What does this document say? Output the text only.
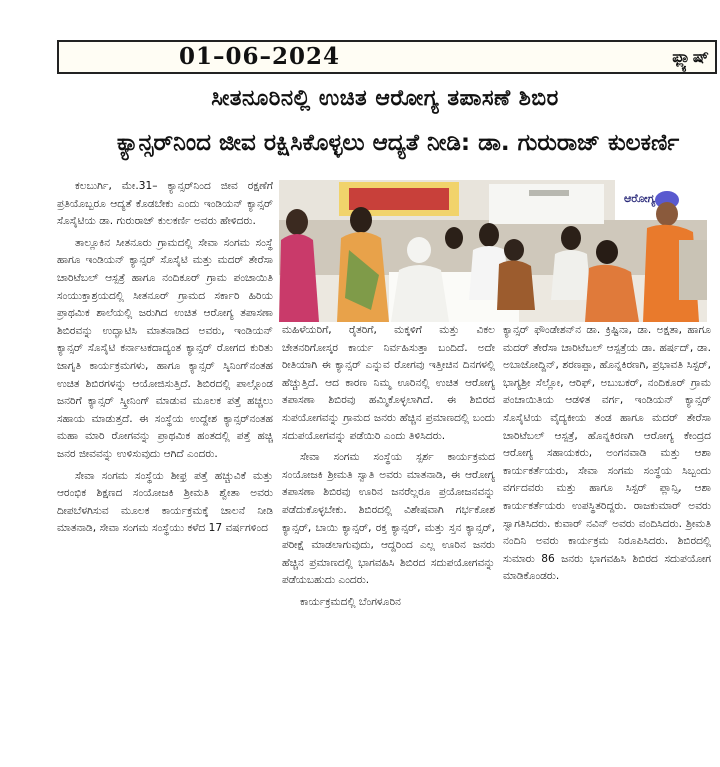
01–06–2024	ಫ್ಲ್ಯಾಷ್‌
ಸೀತನೂರಿನಲ್ಲಿ ಉಚಿತ ಆರೋಗ್ಯ ತಪಾಸಣೆ ಶಿಬಿರ
ಕ್ಯಾನ್ಸರ್‌ನಿಂದ ಜೀವ ರಕ್ಷಿಸಿಕೊಳ್ಳಲು ಆದ್ಯತೆ ನೀಡಿ: ಡಾ. ಗುರುರಾಜ್ ಕುಲಕರ್ಣಿ

ಕಲಬುರ್ಗಿ, ಮೇ.31– ಕ್ಯಾನ್ಸರ್‌ನಿಂದ ಜೀವ ರಕ್ಷಣೆಗೆ ಪ್ರತಿಯೊಬ್ಬರೂ ಆದ್ಯತೆ ಕೊಡಬೇಕು ಎಂದು ಇಂಡಿಯನ್ ಕ್ಯಾನ್ಸರ್ ಸೊಸೈಟಿಯ ಡಾ. ಗುರುರಾಜ್ ಕುಲಕರ್ಣಿ ಅವರು ಹೇಳಿದರು.

ತಾಲ್ಲೂಕಿನ ಸೀತನೂರು ಗ್ರಾಮದಲ್ಲಿ ಸೇವಾ ಸಂಗಮ ಸಂಸ್ಥೆ ಹಾಗೂ ಇಂಡಿಯನ್ ಕ್ಯಾನ್ಸರ್ ಸೊಸೈಟಿ ಮತ್ತು ಮದರ್ ತೇರೆಸಾ ಚಾರಿಟೆಬಲ್ ಆಸ್ಪತ್ರೆ ಹಾಗೂ ನಂದಿಕೂರ್ ಗ್ರಾಮ ಪಂಚಾಯಿತಿ ಸಂಯುಕ್ತಾಶ್ರಯದಲ್ಲಿ ಸೀತನೂರ್ ಗ್ರಾಮದ ಸರ್ಕಾರಿ ಹಿರಿಯ ಪ್ರಾಥಮಿಕ ಶಾಲೆಯಲ್ಲಿ ಜರುಗಿದ ಉಚಿತ ಆರೋಗ್ಯ ತಪಾಸಣಾ ಶಿಬಿರವನ್ನು ಉದ್ಘಾಟಿಸಿ ಮಾತನಾಡಿದ ಅವರು, ಇಂಡಿಯನ್ ಕ್ಯಾನ್ಸರ್ ಸೊಸೈಟಿ ಕರ್ನಾಟಕದಾದ್ಯಂತ ಕ್ಯಾನ್ಸರ್ ರೋಗದ ಕುರಿತು ಜಾಗೃತಿ ಕಾರ್ಯಕ್ರಮಗಳು, ಹಾಗೂ ಕ್ಯಾನ್ಸರ್ ಸ್ಕಿನಿಂಗ್‌ನಂತಹ ಉಚಿತ ಶಿಬಿರಗಳನ್ನು ಆಯೋಜಿಸುತ್ತಿದೆ. ಶಿಬಿರದಲ್ಲಿ ಪಾಲ್ಗೊಂಡ ಜನರಿಗೆ ಕ್ಯಾನ್ಸರ್ ಸ್ಕ್ರೀನಿಂಗ್ ಮಾಡುವ ಮೂಲಕ ಪತ್ತೆ ಹಚ್ಚಲು ಸಹಾಯ ಮಾಡುತ್ತದೆ. ಈ ಸಂಸ್ಥೆಯ ಉದ್ದೇಶ ಕ್ಯಾನ್ಸರ್‌ನಂತಹ ಮಹಾ ಮಾರಿ ರೋಗವನ್ನು ಪ್ರಾಥಮಿಕ ಹಂತದಲ್ಲಿ ಪತ್ತೆ ಹಚ್ಚಿ ಜನರ ಜೀವವನ್ನು ಉಳಿಸುವುದು ಆಗಿದೆ ಎಂದರು.

ಸೇವಾ ಸಂಗಮ ಸಂಸ್ಥೆಯ ಶೀಫ್ರ ಪತ್ತೆ ಹಚ್ಚುವಿಕೆ ಮತ್ತು ಆರಂಭಿಕ ಶಿಕ್ಷಣದ ಸಂಯೋಜಕಿ ಶ್ರೀಮತಿ ಶ್ವೇತಾ ಅವರು ದೀಪಬೆಳಗಿಸುವ ಮೂಲಕ ಕಾರ್ಯಕ್ರಮಕ್ಕೆ ಚಾಲನೆ ನೀಡಿ ಮಾತನಾಡಿ, ಸೇವಾ ಸಂಗಮ ಸಂಸ್ಥೆಯು ಕಳೆದ 17 ವರ್ಷಗಳಿಂದ

ಆರೋಗ್ಯ

ಮಹಿಳೆಯರಿಗೆ, ರೈತರಿಗೆ, ಮಕ್ಕಳಿಗೆ ಮತ್ತು ವಿಕಲ ಚೇತನರಿಗೋಸ್ಕರ ಕಾರ್ಯ ನಿರ್ವಹಿಸುತ್ತಾ ಬಂದಿದೆ. ಅದೇ ರೀತಿಯಾಗಿ ಈ ಕ್ಯಾನ್ಸರ್ ಎನ್ನುವ ರೋಗವು ಇತ್ತೀಚಿನ ದಿನಗಳಲ್ಲಿ ಹೆಚ್ಚುತ್ತಿದೆ. ಆದ ಕಾರಣ ನಿಮ್ಮ ಊರಿನಲ್ಲಿ ಉಚಿತ ಆರೋಗ್ಯ ತಪಾಸಣಾ ಶಿಬಿರವು ಹಮ್ಮಿಕೊಳ್ಳಲಾಗಿದೆ. ಈ ಶಿಬಿರದ ಸುಪಯೋಗವನ್ನು ಗ್ರಾಮದ ಜನರು ಹೆಚ್ಚಿನ ಪ್ರಮಾಣದಲ್ಲಿ ಬಂದು ಸದುಪಯೋಗವನ್ನು ಪಡೆಯಿರಿ ಎಂದು ತಿಳಿಸಿದರು.

ಸೇವಾ ಸಂಗಮ ಸಂಸ್ಥೆಯ ಸ್ಪರ್ಶ ಕಾರ್ಯಕ್ರಮದ ಸಂಯೋಜಕಿ ಶ್ರೀಮತಿ ಸ್ವಾತಿ ಅವರು ಮಾತನಾಡಿ, ಈ ಆರೋಗ್ಯ ತಪಾಸಣಾ ಶಿಬಿರವು ಊರಿನ ಜನರೆಲ್ಲರೂ ಪ್ರಯೋಜನವನ್ನು ಪಡೆದುಕೊಳ್ಳಬೇಕು. ಶಿಬಿರದಲ್ಲಿ ವಿಶೇಷವಾಗಿ ಗರ್ಭಕೋಶ ಕ್ಯಾನ್ಸರ್, ಬಾಯಿ ಕ್ಯಾನ್ಸರ್, ರಕ್ತ ಕ್ಯಾನ್ಸರ್, ಮತ್ತು ಸ್ತನ ಕ್ಯಾನ್ಸರ್, ಪರೀಕ್ಷೆ ಮಾಡಲಾಗುವುದು, ಆದ್ದರಿಂದ ಎಲ್ಲ ಊರಿನ ಜನರು ಹೆಚ್ಚಿನ ಪ್ರಮಾಣದಲ್ಲಿ ಭಾಗವಹಿಸಿ ಶಿಬಿರದ ಸದುಪಯೋಗವನ್ನು ಪಡೆಯಬಹುದು ಎಂದರು.

ಕಾರ್ಯಕ್ರಮದಲ್ಲಿ ಬೆಂಗಳೂರಿನ

ಕ್ಯಾನ್ಸರ್ ಫೌಂಡೇಶನ್‌ನ ಡಾ. ಕ್ರಿಷ್ಟಿನಾ, ಡಾ. ಅಕ್ಷತಾ, ಹಾಗೂ ಮದರ್ ತೇರೆಸಾ ಚಾರಿಟೆಬಲ್ ಆಸ್ಪತ್ರೆಯ ಡಾ. ಹರ್ಷದ್, ಡಾ. ಅಬಾಜೋದ್ದಿನ್, ಶರಣಪ್ಪಾ, ಹೊನ್ನಕಿರಣಗಿ, ಪ್ರಭಾವತಿ ಸಿಸ್ಟರ್, ಭಾಗ್ಯಶ್ರೀ ಸೆಲ್ಲೋ, ಆರಿಫ್, ಅಬುಬಕರ್, ನಂದಿಕೂರ್ ಗ್ರಾಮ ಪಂಚಾಯಿತಿಯ ಆಡಳಿತ ವರ್ಗ, ಇಂಡಿಯನ್ ಕ್ಯಾನ್ಸರ್ ಸೊಸೈಟಿಯ ವೈದ್ಯಕೀಯ ತಂಡ ಹಾಗೂ ಮದರ್ ತೇರೆಸಾ ಚಾರಿಟೆಬಲ್ ಆಸ್ಪತ್ರೆ, ಹೊನ್ನಕಿರಣಗಿ ಆರೋಗ್ಯ ಕೇಂದ್ರದ ಆರೋಗ್ಯ ಸಹಾಯಕರು, ಅಂಗನವಾಡಿ ಮತ್ತು ಆಶಾ ಕಾರ್ಯಕರ್ತೆಯರು, ಸೇವಾ ಸಂಗಮ ಸಂಸ್ಥೆಯ ಸಿಬ್ಬಂದು ವರ್ಗದವರು ಮತ್ತು ಹಾಗೂ ಸಿಸ್ಟರ್ ಪ್ಲಾನ್ಸಿ, ಆಶಾ ಕಾರ್ಯಕರ್ತೆಯರು ಉಪಸ್ಥಿತರಿದ್ದರು. ರಾಜಕುಮಾರ್ ಅವರು ಸ್ವಾಗತಿಸಿದರು. ಕುವಾರ್ ನವಿನ್ ಅವರು ವಂದಿಸಿದರು. ಶ್ರೀಮತಿ ನಂದಿನಿ ಅವರು ಕಾರ್ಯಕ್ರಮ ನಿರೂಪಿಸಿದರು. ಶಿಬಿರದಲ್ಲಿ ಸುಮಾರು 86 ಜನರು ಭಾಗವಹಿಸಿ ಶಿಬಿರದ ಸದುಪಯೋಗ ಮಾಡಿಕೊಂಡರು.
